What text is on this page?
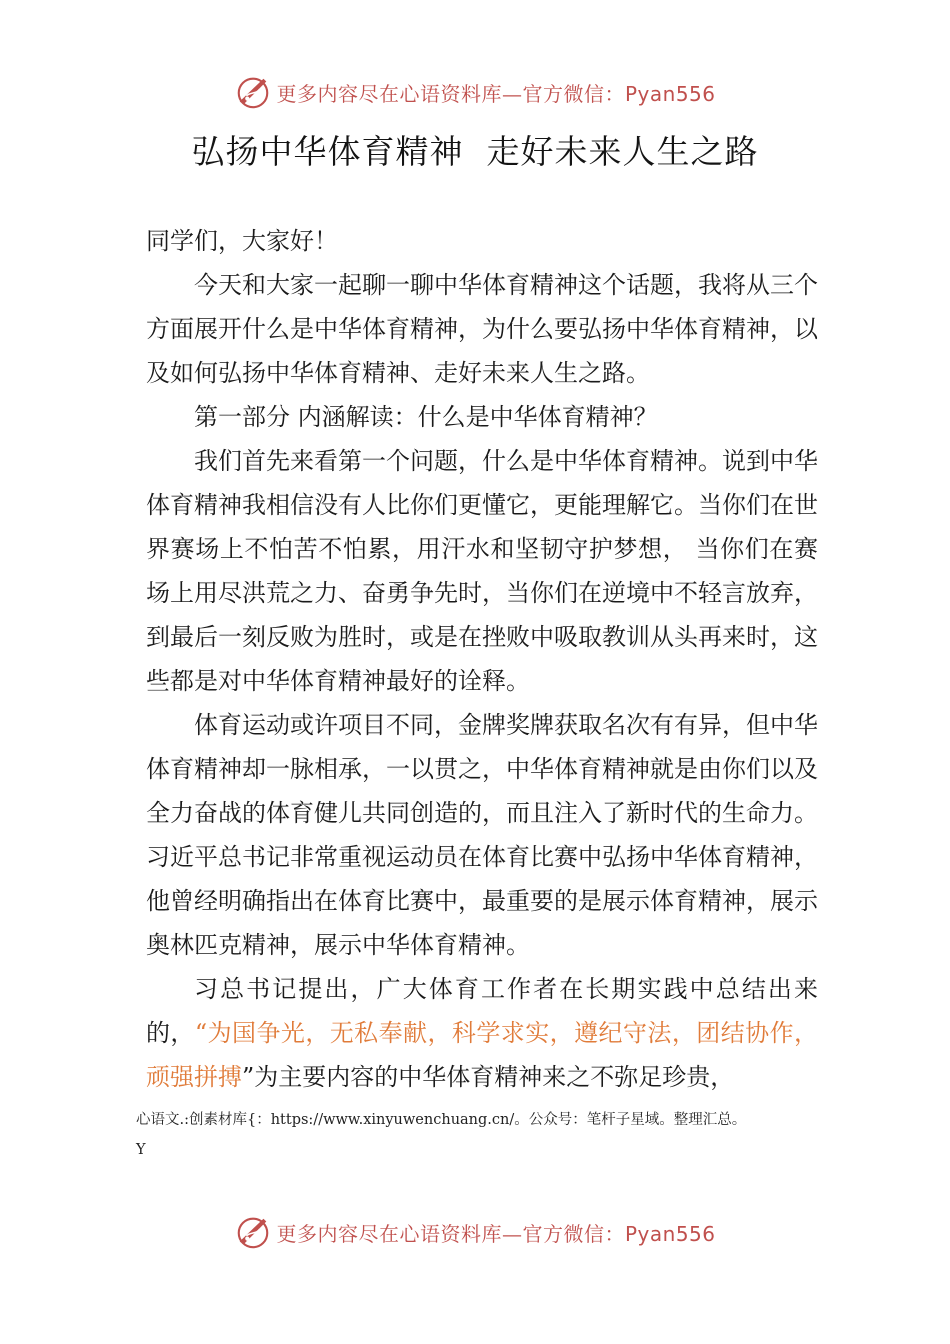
更多内容尽在心语资料库—官方微信：Pyan556
弘扬中华体育精神  走好未来人生之路

同学们，大家好！

今天和大家一起聊一聊中华体育精神这个话题，我将从三个方面展开什么是中华体育精神，为什么要弘扬中华体育精神，以及如何弘扬中华体育精神、走好未来人生之路。

第一部分 内涵解读：什么是中华体育精神？

我们首先来看第一个问题，什么是中华体育精神。说到中华体育精神我相信没有人比你们更懂它，更能理解它。当你们在世界赛场上不怕苦不怕累，用汗水和坚韧守护梦想， 当你们在赛场上用尽洪荒之力、奋勇争先时，当你们在逆境中不轻言放弃，到最后一刻反败为胜时，或是在挫败中吸取教训从头再来时，这些都是对中华体育精神最好的诠释。

体育运动或许项目不同，金牌奖牌获取名次有有异，但中华体育精神却一脉相承，一以贯之，中华体育精神就是由你们以及全力奋战的体育健儿共同创造的，而且注入了新时代的生命力。习近平总书记非常重视运动员在体育比赛中弘扬中华体育精神，他曾经明确指出在体育比赛中，最重要的是展示体育精神，展示奥林匹克精神，展示中华体育精神。

习总书记提出，广大体育工作者在长期实践中总结出来的，“为国争光，无私奉献，科学求实，遵纪守法，团结协作，顽强拼搏”为主要内容的中华体育精神来之不弥足珍贵，

心语文.:创素材库{：https://www.xinyuwenchuang.cn/。公众号：笔杆子星域。整理汇总。
Y
更多内容尽在心语资料库—官方微信：Pyan556
